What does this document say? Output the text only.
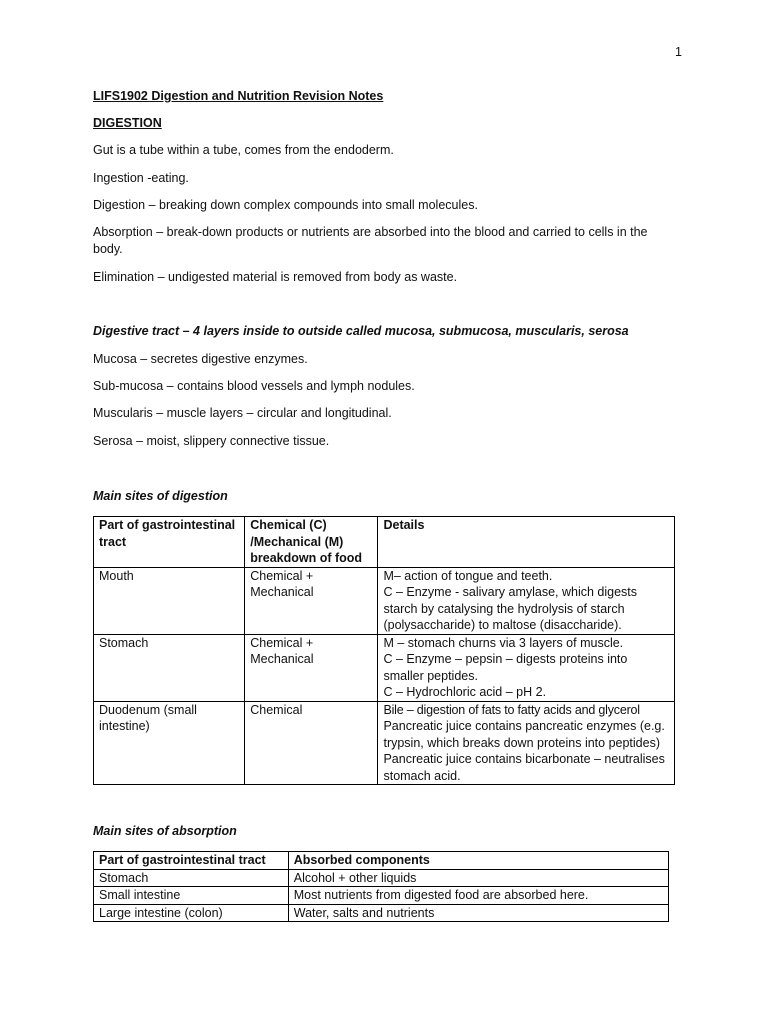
1
LIFS1902 Digestion and Nutrition Revision Notes
DIGESTION
Gut is a tube within a tube, comes from the endoderm.
Ingestion -eating.
Digestion – breaking down complex compounds into small molecules.
Absorption – break-down products or nutrients are absorbed into the blood and carried to cells in the body.
Elimination – undigested material is removed from body as waste.
Digestive tract – 4 layers inside to outside called mucosa, submucosa, muscularis, serosa
Mucosa – secretes digestive enzymes.
Sub-mucosa – contains blood vessels and lymph nodules.
Muscularis – muscle layers – circular and longitudinal.
Serosa – moist, slippery connective tissue.
Main sites of digestion
Part of gastrointestinal tract	Chemical (C) /Mechanical (M) breakdown of food	Details
Mouth	Chemical + Mechanical	M– action of tongue and teeth.
C – Enzyme - salivary amylase, which digests starch by catalysing the hydrolysis of starch (polysaccharide) to maltose (disaccharide).

Stomach	Chemical + Mechanical	M – stomach churns via 3 layers of muscle.
C – Enzyme – pepsin – digests proteins into smaller peptides.
C – Hydrochloric acid – pH 2.

Duodenum (small intestine)	Chemical	Bile – digestion of fats to fatty acids and glycerol
Pancreatic juice contains pancreatic enzymes (e.g. trypsin, which breaks down proteins into peptides)
Pancreatic juice contains bicarbonate – neutralises stomach acid.
Main sites of absorption
Part of gastrointestinal tract	Absorbed components
Stomach	Alcohol + other liquids
Small intestine	Most nutrients from digested food are absorbed here.
Large intestine (colon)	Water, salts and nutrients
